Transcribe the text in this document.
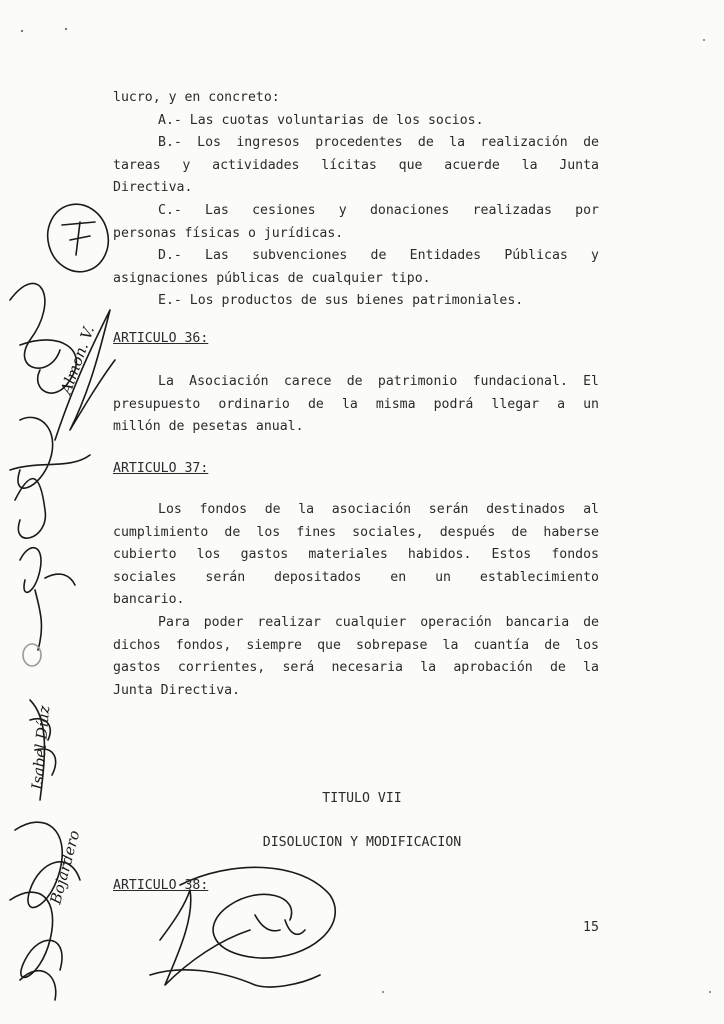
lucro, y en concreto:
A.- Las cuotas voluntarias de los socios.
B.- Los ingresos procedentes de la realización de
tareas y actividades lícitas que acuerde la Junta
Directiva.
C.- Las cesiones y donaciones realizadas por
personas físicas o jurídicas.
D.- Las subvenciones de Entidades Públicas y
asignaciones públicas de cualquier tipo.
E.- Los productos de sus bienes patrimoniales.
ARTICULO 36:
La Asociación carece de patrimonio fundacional. El
presupuesto ordinario de la misma podrá llegar a un
millón de pesetas anual.
ARTICULO 37:
Los fondos de la asociación serán destinados al
cumplimiento de los fines sociales, después de haberse
cubierto los gastos materiales habidos. Estos fondos
sociales serán depositados en un establecimiento
bancario.
Para poder realizar cualquier operación bancaria de
dichos fondos, siempre que sobrepase la cuantía de los
gastos corrientes, será necesaria la aprobación de la
Junta Directiva.
TITULO VII
DISOLUCION Y MODIFICACION
ARTICULO 38:
15
Isabel Díaz
Almon. V.
Bojardero
